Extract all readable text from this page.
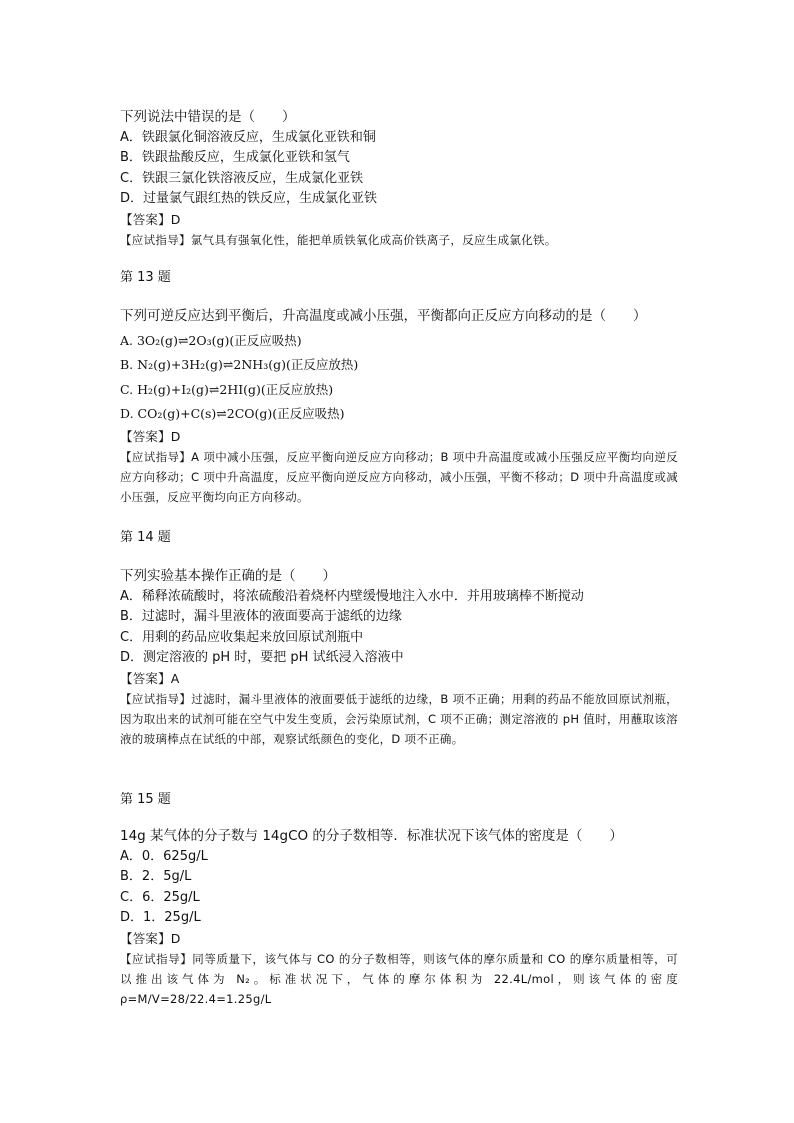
下列说法中错误的是（　　）
A．铁跟氯化铜溶液反应，生成氯化亚铁和铜
B．铁跟盐酸反应，生成氯化亚铁和氢气
C．铁跟三氯化铁溶液反应，生成氯化亚铁
D．过量氯气跟红热的铁反应，生成氯化亚铁
【答案】D
【应试指导】氯气具有强氧化性，能把单质铁氧化成高价铁离子，反应生成氯化铁。
第 13 题
下列可逆反应达到平衡后，升高温度或减小压强，平衡都向正反应方向移动的是（　　）
A. 3O₂(g)⇌2O₃(g)(正反应吸热)
B. N₂(g)+3H₂(g)⇌2NH₃(g)(正反应放热)
C. H₂(g)+I₂(g)⇌2HI(g)(正反应放热)
D. CO₂(g)+C(s)⇌2CO(g)(正反应吸热)
【答案】D
【应试指导】A 项中减小压强，反应平衡向逆反应方向移动；B 项中升高温度或减小压强反应平衡均向逆反应方向移动；C 项中升高温度，反应平衡向逆反应方向移动，减小压强，平衡不移动；D 项中升高温度或减小压强，反应平衡均向正方向移动。
第 14 题
下列实验基本操作正确的是（　　）
A．稀释浓硫酸时，将浓硫酸沿着烧杯内壁缓慢地注入水中．并用玻璃棒不断搅动
B．过滤时，漏斗里液体的液面要高于滤纸的边缘
C．用剩的药品应收集起来放回原试剂瓶中
D．测定溶液的 pH 时，要把 pH 试纸浸入溶液中
【答案】A
【应试指导】过滤时，漏斗里液体的液面要低于滤纸的边缘，B 项不正确；用剩的药品不能放回原试剂瓶，因为取出来的试剂可能在空气中发生变质，会污染原试剂，C 项不正确；测定溶液的 pH 值时，用蘸取该溶液的玻璃棒点在试纸的中部，观察试纸颜色的变化，D 项不正确。
第 15 题
14g 某气体的分子数与 14gCO 的分子数相等．标准状况下该气体的密度是（　　）
A．0．625g/L
B．2．5g/L
C．6．25g/L
D．1．25g/L
【答案】D
【应试指导】同等质量下，该气体与 CO 的分子数相等，则该气体的摩尔质量和 CO 的摩尔质量相等，可以推出该气体为 N₂。标准状况下，气体的摩尔体积为 22.4L/mol，则该气体的密度 ρ=M/V=28/22.4=1.25g/L
